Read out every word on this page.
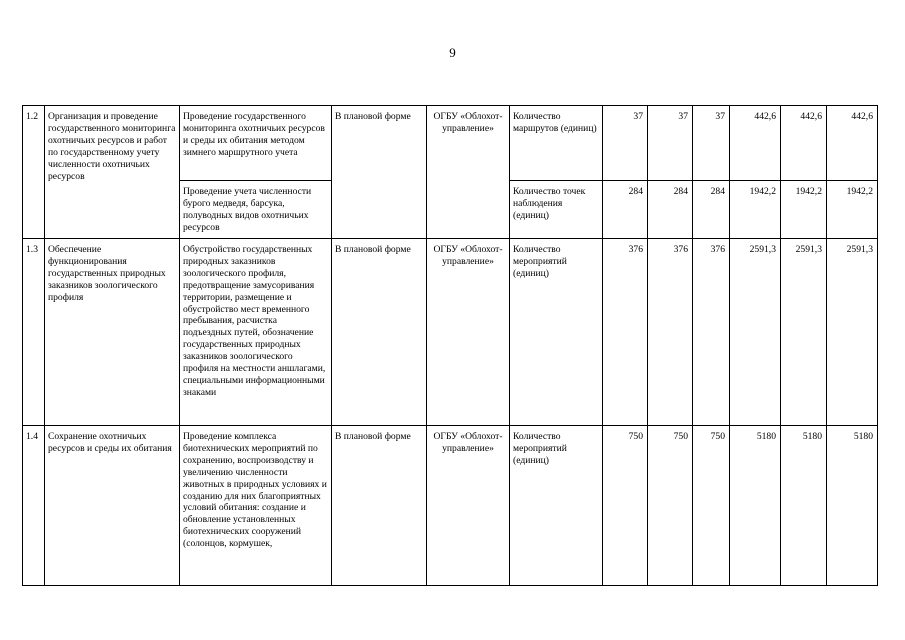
9
1.2	Организация и проведение государственного мониторинга охотничьих ресурсов и работ по государственному учету численности охотничьих ресурсов	Проведение государственного мониторинга охотничьих ресурсов и среды их обитания методом зимнего маршрутного учета	В плановой форме	ОГБУ «Облохот-управление»	Количество маршрутов (единиц)	37	37	37	442,6	442,6	442,6
		Проведение учета численности бурого медведя, барсука, полуводных видов охотничьих ресурсов			Количество точек наблюдения (единиц)	284	284	284	1942,2	1942,2	1942,2
1.3	Обеспечение функционирования государственных природных заказников зоологического профиля	Обустройство государственных природных заказников зоологического профиля, предотвращение замусоривания территории, размещение и обустройство мест временного пребывания, расчистка подъездных путей, обозначение государственных природных заказников зоологического профиля на местности аншлагами, специальными информационными знаками	В плановой форме	ОГБУ «Облохот-управление»	Количество мероприятий (единиц)	376	376	376	2591,3	2591,3	2591,3
1.4	Сохранение охотничьих ресурсов и среды их обитания	Проведение комплекса биотехнических мероприятий по сохранению, воспроизводству и увеличению численности животных в природных условиях и созданию для них благоприятных условий обитания: создание и обновление установленных биотехнических сооружений (солонцов, кормушек,	В плановой форме	ОГБУ «Облохот-управление»	Количество мероприятий (единиц)	750	750	750	5180	5180	5180
